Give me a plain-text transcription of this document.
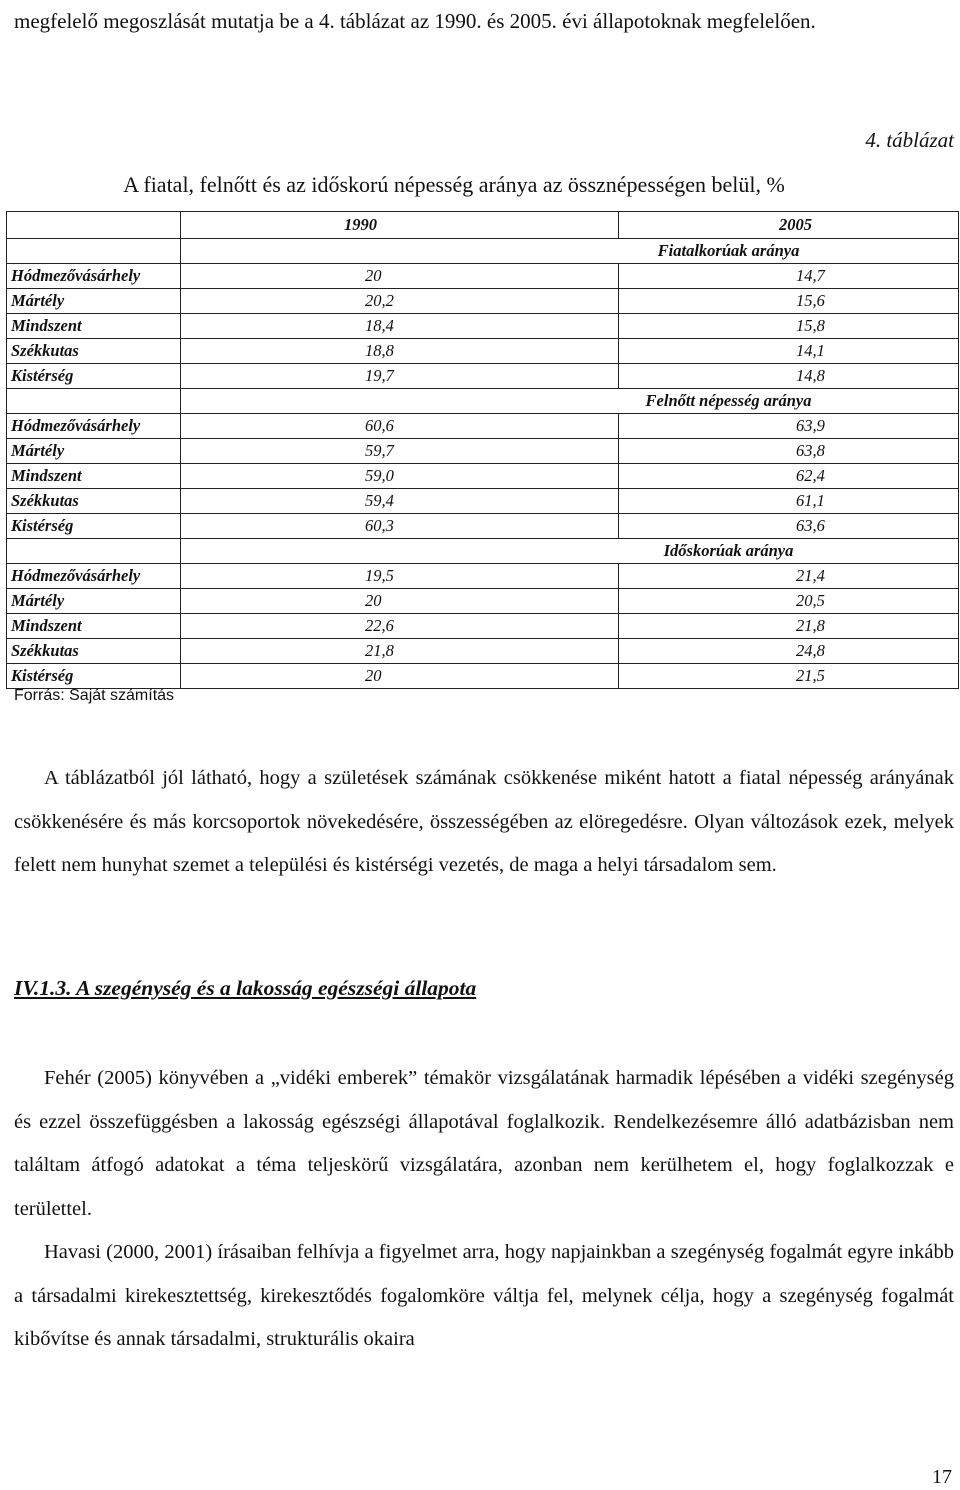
megfelelő megoszlását mutatja be a 4. táblázat az 1990. és 2005. évi állapotoknak megfelelően.
4. táblázat
A fiatal, felnőtt és az időskorú népesség aránya az össznépességen belül, %
	1990	2005
	Fiatalkorúak aránya	
Hódmezővásárhely	20	14,7
Mártély	20,2	15,6
Mindszent	18,4	15,8
Székkutas	18,8	14,1
Kistérség	19,7	14,8
	Felnőtt népesség aránya	
Hódmezővásárhely	60,6	63,9
Mártély	59,7	63,8
Mindszent	59,0	62,4
Székkutas	59,4	61,1
Kistérség	60,3	63,6
	Időskorúak aránya	
Hódmezővásárhely	19,5	21,4
Mártély	20	20,5
Mindszent	22,6	21,8
Székkutas	21,8	24,8
Kistérség	20	21,5
Forrás: Saját számítás
A táblázatból jól látható, hogy a születések számának csökkenése miként hatott a fiatal népesség arányának csökkenésére és más korcsoportok növekedésére, összességében az elöregedésre. Olyan változások ezek, melyek felett nem hunyhat szemet a települési és kistérségi vezetés, de maga a helyi társadalom sem.
IV.1.3. A szegénység és a lakosság egészségi állapota
Fehér (2005) könyvében a „vidéki emberek” témakör vizsgálatának harmadik lépésében a vidéki szegénység és ezzel összefüggésben a lakosság egészségi állapotával foglalkozik. Rendelkezésemre álló adatbázisban nem találtam átfogó adatokat a téma teljeskörű vizsgálatára, azonban nem kerülhetem el, hogy foglalkozzak e területtel.
Havasi (2000, 2001) írásaiban felhívja a figyelmet arra, hogy napjainkban a szegénység fogalmát egyre inkább a társadalmi kirekesztettség, kirekesztődés fogalomköre váltja fel, melynek célja, hogy a szegénység fogalmát kibővítse és annak társadalmi, strukturális okaira
17
